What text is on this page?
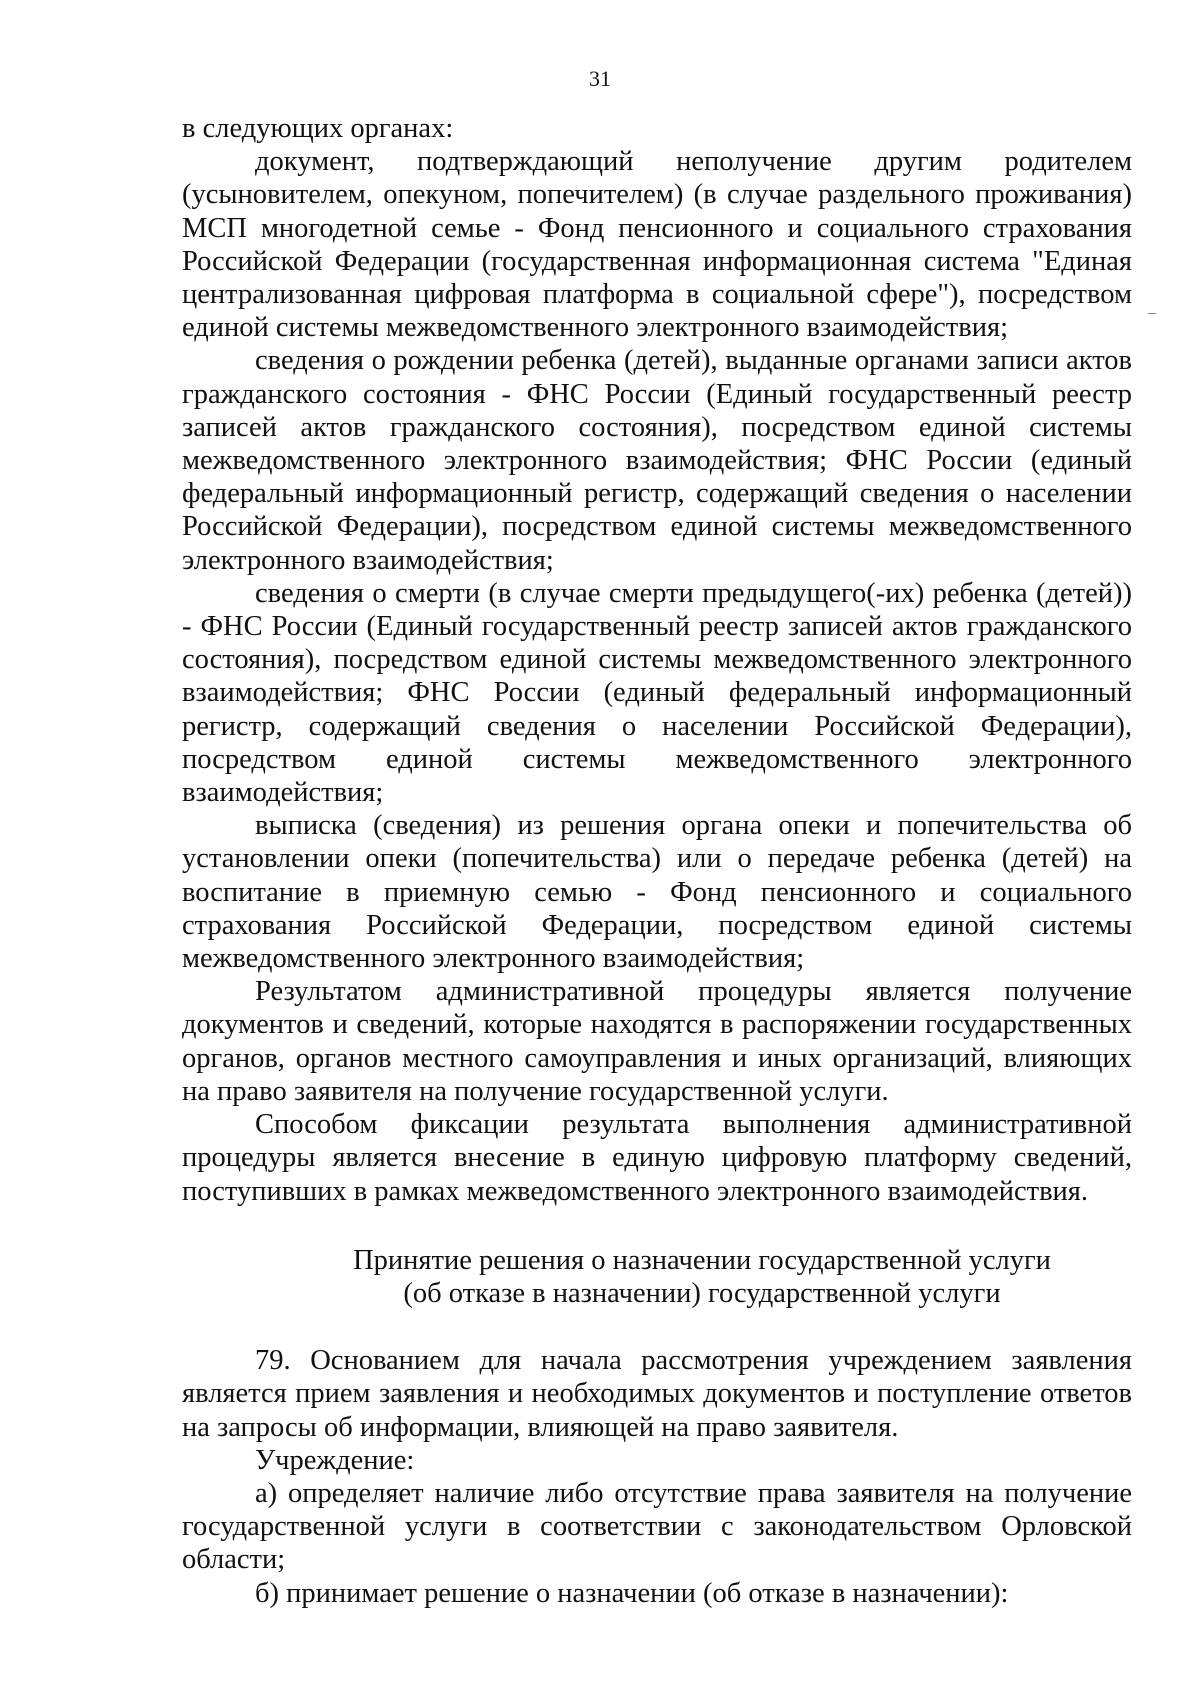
31

в следующих органах:

документ, подтверждающий неполучение другим родителем (усыновителем, опекуном, попечителем) (в случае раздельного проживания) МСП многодетной семье - Фонд пенсионного и социального страхования Российской Федерации (государственная информационная система "Единая централизованная цифровая платформа в социальной сфере"), посредством единой системы межведомственного электронного взаимодействия;

сведения о рождении ребенка (детей), выданные органами записи актов гражданского состояния - ФНС России (Единый государственный реестр записей актов гражданского состояния), посредством единой системы межведомственного электронного взаимодействия; ФНС России (единый федеральный информационный регистр, содержащий сведения о населении Российской Федерации), посредством единой системы межведомственного электронного взаимодействия;

сведения о смерти (в случае смерти предыдущего(-их) ребенка (детей)) - ФНС России (Единый государственный реестр записей актов гражданского состояния), посредством единой системы межведомственного электронного взаимодействия; ФНС России (единый федеральный информационный регистр, содержащий сведения о населении Российской Федерации), посредством единой системы межведомственного электронного взаимодействия;

выписка (сведения) из решения органа опеки и попечительства об установлении опеки (попечительства) или о передаче ребенка (детей) на воспитание в приемную семью - Фонд пенсионного и социального страхования Российской Федерации, посредством единой системы межведомственного электронного взаимодействия;

Результатом административной процедуры является получение документов и сведений, которые находятся в распоряжении государственных органов, органов местного самоуправления и иных организаций, влияющих на право заявителя на получение государственной услуги.

Способом фиксации результата выполнения административной процедуры является внесение в единую цифровую платформу сведений, поступивших в рамках межведомственного электронного взаимодействия.

Принятие решения о назначении государственной услуги
(об отказе в назначении) государственной услуги

79. Основанием для начала рассмотрения учреждением заявления является прием заявления и необходимых документов и поступление ответов на запросы об информации, влияющей на право заявителя.

Учреждение:

а) определяет наличие либо отсутствие права заявителя на получение государственной услуги в соответствии с законодательством Орловской области;

б) принимает решение о назначении (об отказе в назначении):
